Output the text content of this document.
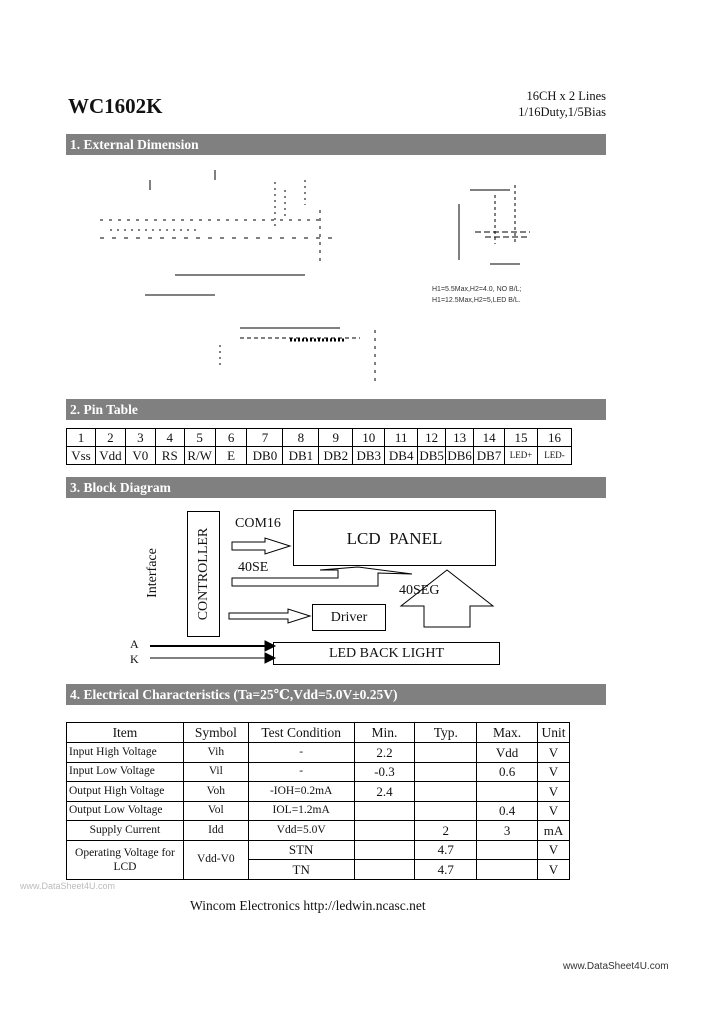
WC1602K	16CH x 2 Lines
1/16Duty,1/5Bias
1. External Dimension
H1=5.5Max,H2=4.0, NO B/L;
H1=12.5Max,H2=5,LED B/L.
2. Pin Table
1	2	3	4	5	6	7	8	9	10	11	12	13	14	15	16
Vss	Vdd	V0	RS	R/W	E	DB0	DB1	DB2	DB3	DB4	DB5	DB6	DB7	LED+	LED-
3. Block Diagram
Interface	CONTROLLER
COM16
LCD  PANEL
40SE
40SEG
Driver
LED BACK LIGHT
A
K
4. Electrical Characteristics (Ta=25℃,Vdd=5.0V±0.25V)
Item	Symbol	Test Condition	Min.	Typ.	Max.	Unit
Input High Voltage	Vih	-	2.2		Vdd	V
Input Low Voltage	Vil	-	-0.3		0.6	V
Output High Voltage	Voh	-IOH=0.2mA	2.4			V
Output Low Voltage	Vol	IOL=1.2mA			0.4	V
Supply Current	Idd	Vdd=5.0V		2	3	mA
Operating Voltage for LCD	Vdd-V0	STN		4.7		V
		TN		4.7		V
www.DataSheet4U.com
Wincom Electronics http://ledwin.ncasc.net
www.DataSheet4U.com
